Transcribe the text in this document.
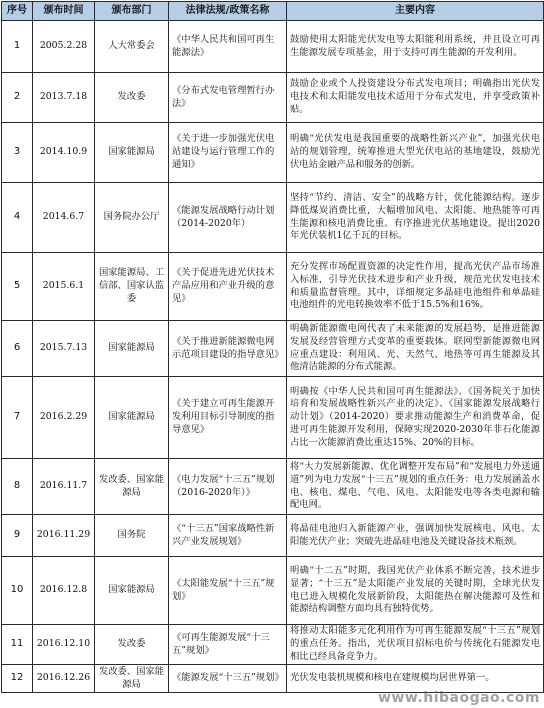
序号	颁布时间	颁布部门	法律法规/政策名称	主要内容
1	2005.2.28	人大常委会	《中华人民共和国可再生能源法》	鼓励使用太阳能光伏发电等太阳能利用系统，并且设立可再生能源发展专项基金，用于支持可再生能源的开发利用。
2	2013.7.18	发改委	《分布式发电管理暂行办法》	鼓励企业或个人投资建设分布式发电项目；明确指出光伏发电技术和太阳能发电技术适用于分布式发电，并享受政策补贴。
3	2014.10.9	国家能源局	《关于进一步加强光伏电站建设与运行管理工作的通知》	明确“光伏发电是我国重要的战略性新兴产业”，加强光伏电站的规划管理，统筹推进大型光伏电站的基地建设，鼓励光伏电站金融产品和服务的创新。
4	2014.6.7	国务院办公厅	《能源发展战略行动计划（2014-2020年）	坚持“节约、清洁、安全”的战略方针，优化能源结构。逐步降低煤炭消费比重，大幅增加风电、太阳能、地热能等可再生能源和核电消费比重。有序推进光伏基地建设。提出2020年光伏装机1亿千瓦的目标。
5	2015.6.1	国家能源局、工信部、国家认监委	《关于促进先进光伏技术产品应用和产业升级的意见》	充分发挥市场配置资源的决定性作用，提高光伏产品市场准入标准，引导光伏技术进步和产业升级，规范光伏发电技术和质量监督管理。其中，详细规定多晶硅电池组件和单晶硅电池组件的光电转换效率不低于15.5%和16%。
6	2015.7.13	国家能源局	《关于推进新能源微电网示范项目建设的指导意见》	明确新能源微电网代表了未来能源的发展趋势，是推进能源发展及经营管理方式变革的重要载体。联网型新能源微电网应重点建设：利用风、光、天然气、地热等可再生能源及其他清洁能源的分布式能源。
7	2016.2.29	国家能源局	《关于建立可再生能源开发利用目标引导制度的指导意见》	明确按《中华人民共和国可再生能源法》、《国务院关于加快培育和发展战略性新兴产业的决定》、《国家能源发展战略行动计划》（2014-2020）要求推动能源生产和消费革命，促进可再生能源开发利用，保障实现2020-2030年非石化能源占比一次能源消费比重达15%、20%的目标。
8	2016.11.7	发改委、国家能源局	《电力发展“十三五”规划（2016-2020年）》	将“大力发展新能源、优化调整开发布局”和“发展电力外送通道”列为电力发展“十三五”规划的重点任务：电力发展涵盖水电、核电、煤电、气电、风电、太阳能发电等各类电源和输配电网。
9	2016.11.29	国务院	《“十三五”国家战略性新兴产业发展规划》	将晶硅电池归入新能源产业，强调加快发展核电、风电、太阳能光伏产业；突破先进晶硅电池及关键设备技术瓶颈。
10	2016.12.8	国家能源局	《太阳能发展“十三五”规划》	明确“十二五”时期，我国光伏产业体系不断完善，技术进步显著；“十三五”是太阳能产业发展的关键时期，全球光伏发电已进入规模化发展新阶段，太阳能热在解决能源可及性和能源结构调整方面均具有独特优势。
11	2016.12.10	发改委	《可再生能源发展“十三五”规划》	将推动太阳能多元化利用作为可再生能源发展“十三五”规划的重点任务。指出，光伏项目招标电价与传统化石能源发电相比已经具备竞争力。
12	2016.12.26	发改委、国家能源局	《能源发展“十三五”规划》	光伏发电装机规模和核电在建规模均居世界第一。
www.hibaogao.com
